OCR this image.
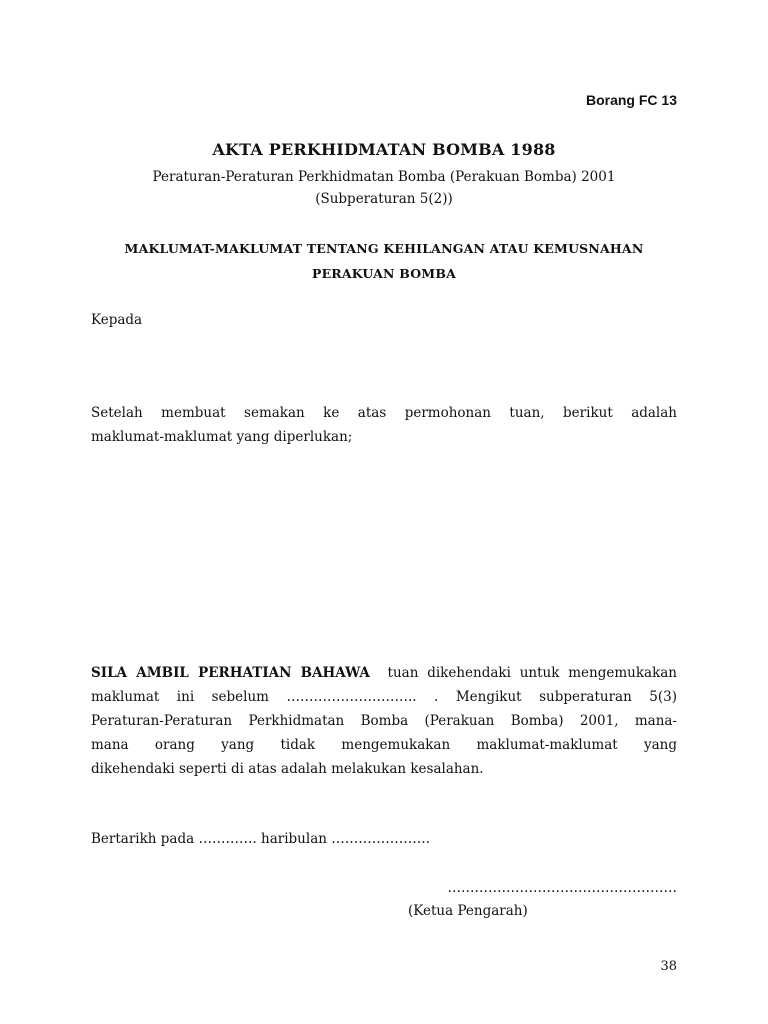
Borang FC 13
AKTA PERKHIDMATAN BOMBA 1988
Peraturan-Peraturan Perkhidmatan Bomba (Perakuan Bomba) 2001
(Subperaturan 5(2))
MAKLUMAT-MAKLUMAT TENTANG KEHILANGAN ATAU KEMUSNAHAN
PERAKUAN BOMBA
Kepada
Setelah membuat semakan ke atas permohonan tuan, berikut adalah
maklumat-maklumat yang diperlukan;
SILA AMBIL PERHATIAN BAHAWA tuan dikehendaki untuk mengemukakan
maklumat ini sebelum ……………………….. . Mengikut subperaturan 5(3)
Peraturan-Peraturan Perkhidmatan Bomba (Perakuan Bomba) 2001, mana-
mana orang yang tidak mengemukakan maklumat-maklumat yang
dikehendaki seperti di atas adalah melakukan kesalahan.
Bertarikh pada …………. haribulan ………………….
……………………………………………
(Ketua Pengarah)
38
